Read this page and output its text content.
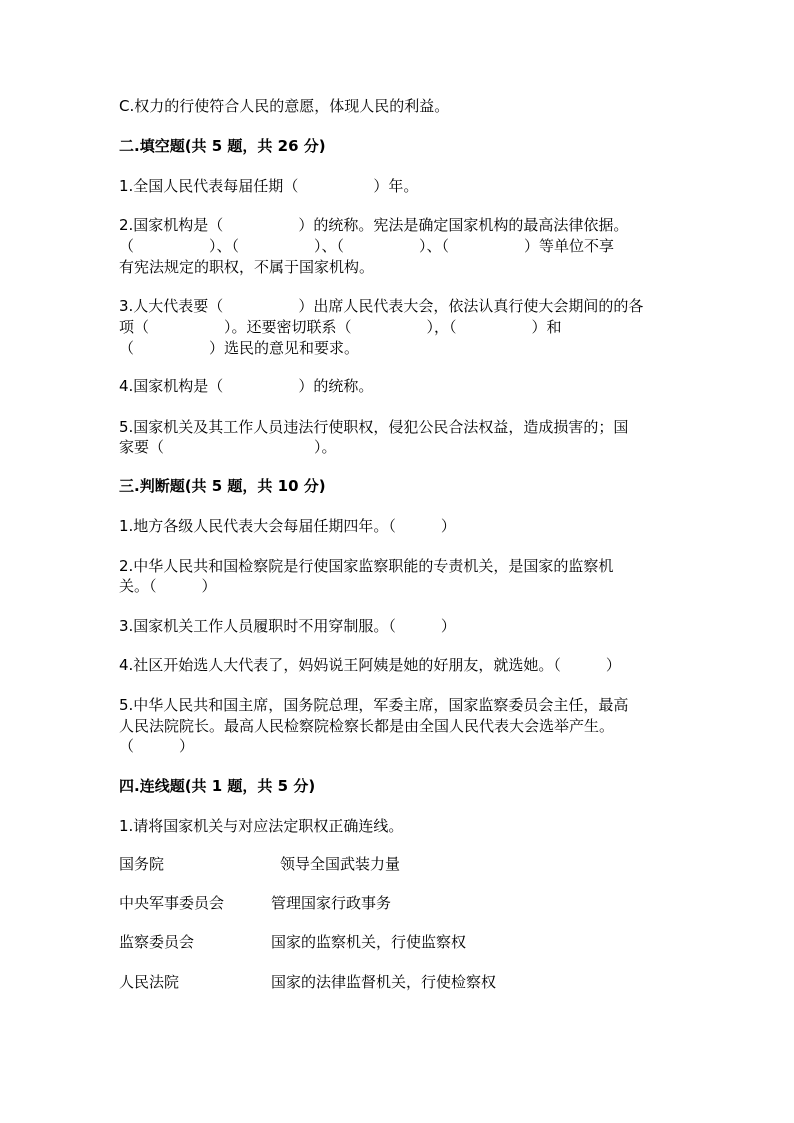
C.权力的行使符合人民的意愿，体现人民的利益。
二.填空题(共 5 题，共 26 分)
1.全国人民代表每届任期（　　　　　）年。
2.国家机构是（　　　　　）的统称。宪法是确定国家机构的最高法律依据。
（　　　　　）、（　　　　　）、（　　　　　）、（　　　　　）等单位不享
有宪法规定的职权，不属于国家机构。
3.人大代表要（　　　　　）出席人民代表大会，依法认真行使大会期间的的各
项（　　　　　）。还要密切联系（　　　　　），（　　　　　）和
（　　　　　）选民的意见和要求。
4.国家机构是（　　　　　）的统称。
5.国家机关及其工作人员违法行使职权，侵犯公民合法权益，造成损害的；国
家要（　　　　　　　　　　）。
三.判断题(共 5 题，共 10 分)
1.地方各级人民代表大会每届任期四年。（　　　）
2.中华人民共和国检察院是行使国家监察职能的专责机关，是国家的监察机
关。（　　　）
3.国家机关工作人员履职时不用穿制服。（　　　）
4.社区开始选人大代表了，妈妈说王阿姨是她的好朋友，就选她。（　　　）
5.中华人民共和国主席，国务院总理，军委主席，国家监察委员会主任，最高
人民法院院长。最高人民检察院检察长都是由全国人民代表大会选举产生。
（　　　）
四.连线题(共 1 题，共 5 分)
1.请将国家机关与对应法定职权正确连线。
国务院	领导全国武装力量
中央军事委员会	管理国家行政事务
监察委员会	国家的监察机关，行使监察权
人民法院	国家的法律监督机关，行使检察权
